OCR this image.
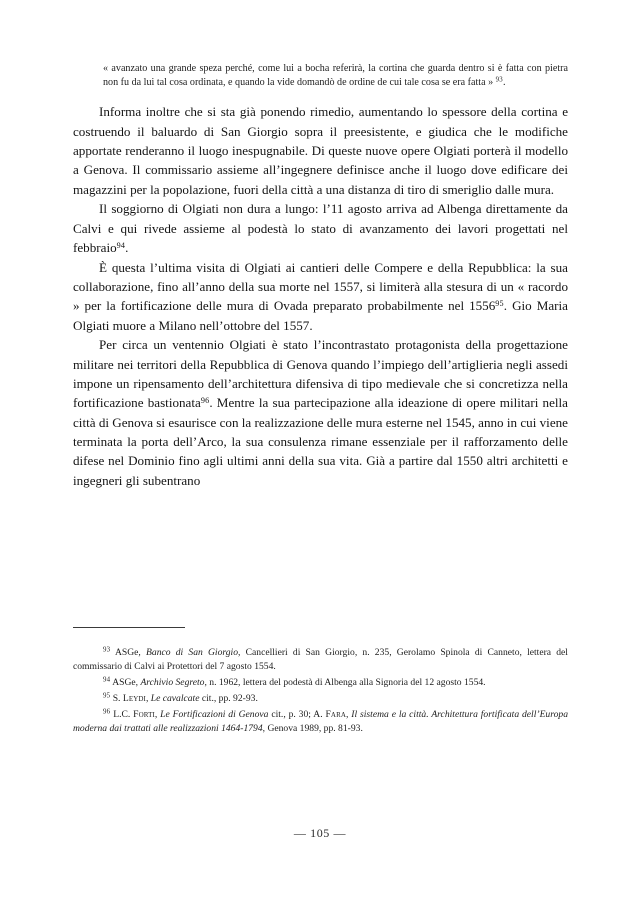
« avanzato una grande speza perché, come lui a bocha referirà, la cortina che guarda dentro si è fatta con pietra non fu da lui tal cosa ordinata, e quando la vide domandò de ordine de cui tale cosa se era fatta » $^{93}$.

Informa inoltre che si sta già ponendo rimedio, aumentando lo spessore della cortina e costruendo il baluardo di San Giorgio sopra il preesistente, e giudica che le modifiche apportate renderanno il luogo inespugnabile. Di queste nuove opere Olgiati porterà il modello a Genova. Il commissario assieme all’ingegnere definisce anche il luogo dove edificare dei magazzini per la popolazione, fuori della città a una distanza di tiro di smeriglio dalle mura.

Il soggiorno di Olgiati non dura a lungo: l’11 agosto arriva ad Albenga direttamente da Calvi e qui rivede assieme al podestà lo stato di avanzamento dei lavori progettati nel febbraio$^{94}$.

È questa l’ultima visita di Olgiati ai cantieri delle Compere e della Repubblica: la sua collaborazione, fino all’anno della sua morte nel 1557, si limiterà alla stesura di un « racordo » per la fortificazione delle mura di Ovada preparato probabilmente nel 1556$^{95}$. Gio Maria Olgiati muore a Milano nell’ottobre del 1557.

Per circa un ventennio Olgiati è stato l’incontrastato protagonista della progettazione militare nei territori della Repubblica di Genova quando l’impiego dell’artiglieria negli assedi impone un ripensamento dell’architettura difensiva di tipo medievale che si concretizza nella fortificazione bastionata$^{96}$. Mentre la sua partecipazione alla ideazione di opere militari nella città di Genova si esaurisce con la realizzazione delle mura esterne nel 1545, anno in cui viene terminata la porta dell’Arco, la sua consulenza rimane essenziale per il rafforzamento delle difese nel Dominio fino agli ultimi anni della sua vita. Già a partire dal 1550 altri architetti e ingegneri gli subentrano

$^{93}$ ASGe, Banco di San Giorgio, Cancellieri di San Giorgio, n. 235, Gerolamo Spinola di Canneto, lettera del commissario di Calvi ai Protettori del 7 agosto 1554.

$^{94}$ ASGe, Archivio Segreto, n. 1962, lettera del podestà di Albenga alla Signoria del 12 agosto 1554.

$^{95}$ S. Leydi, Le cavalcate cit., pp. 92-93.

$^{96}$ L.C. Forti, Le Fortificazioni di Genova cit., p. 30; A. Fara, Il sistema e la città. Architettura fortificata dell’Europa moderna dai trattati alle realizzazioni 1464-1794, Genova 1989, pp. 81-93.

— 105 —
